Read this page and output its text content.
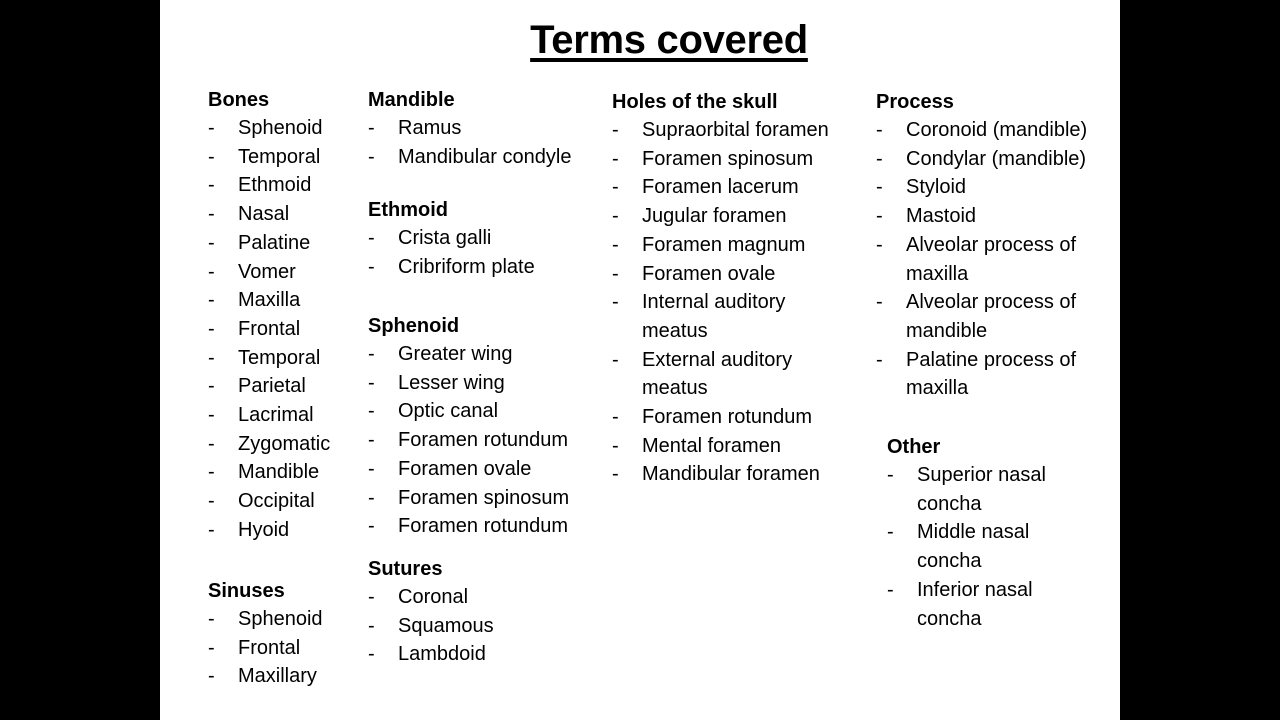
Terms covered
Bones
-	Sphenoid
-	Temporal
-	Ethmoid
-	Nasal
-	Palatine
-	Vomer
-	Maxilla
-	Frontal
-	Temporal
-	Parietal
-	Lacrimal
-	Zygomatic
-	Mandible
-	Occipital
-	Hyoid
Sinuses
-	Sphenoid
-	Frontal
-	Maxillary
Mandible
-	Ramus
-	Mandibular condyle
Ethmoid
-	Crista galli
-	Cribriform plate
Sphenoid
-	Greater wing
-	Lesser wing
-	Optic canal
-	Foramen rotundum
-	Foramen ovale
-	Foramen spinosum
-	Foramen rotundum
Sutures
-	Coronal
-	Squamous
-	Lambdoid
Holes of the skull
-	Supraorbital foramen
-	Foramen spinosum
-	Foramen lacerum
-	Jugular foramen
-	Foramen magnum
-	Foramen ovale
-	Internal auditory meatus
-	External auditory meatus
-	Foramen rotundum
-	Mental foramen
-	Mandibular foramen
Process
-	Coronoid (mandible)
-	Condylar (mandible)
-	Styloid
-	Mastoid
-	Alveolar process of maxilla
-	Alveolar process of mandible
-	Palatine process of maxilla
Other
-	Superior nasal concha
-	Middle nasal concha
-	Inferior nasal concha
